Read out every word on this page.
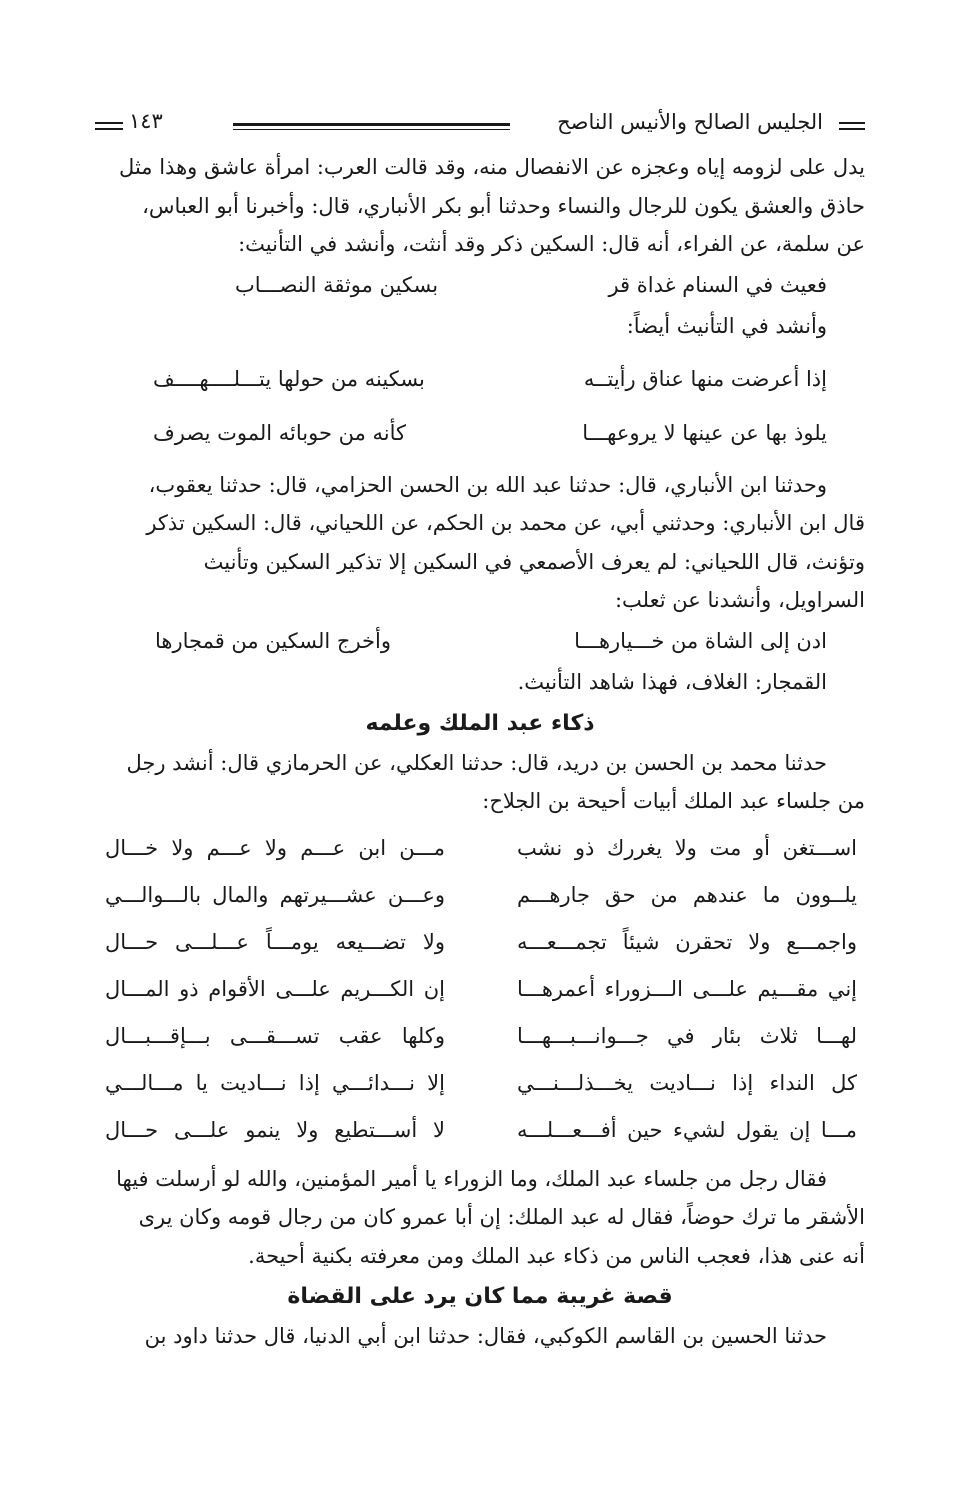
الجليس الصالح والأنيس الناصح
١٤٣

يدل على لزومه إياه وعجزه عن الانفصال منه، وقد قالت العرب: امرأة عاشق وهذا مثل

حاذق والعشق يكون للرجال والنساء وحدثنا أبو بكر الأنباري، قال: وأخبرنا أبو العباس،

عن سلمة، عن الفراء، أنه قال: السكين ذكر وقد أنثت، وأنشد في التأنيث:

فعيث في السنام غداة قر
بسكين موثقة النصـــاب

وأنشد في التأنيث أيضاً:

إذا أعرضت منها عناق رأيتــه
بسكينه من حولها يتـــلــــهــــف
يلوذ بها عن عينها لا يروعهـــا
كأنه من حوبائه الموت يصرف

وحدثنا ابن الأنباري، قال: حدثنا عبد الله بن الحسن الحزامي، قال: حدثنا يعقوب،

قال ابن الأنباري: وحدثني أبي، عن محمد بن الحكم، عن اللحياني، قال: السكين تذكر

وتؤنث، قال اللحياني: لم يعرف الأصمعي في السكين إلا تذكير السكين وتأنيث

السراويل، وأنشدنا عن ثعلب:

ادن إلى الشاة من خـــيارهـــا
وأخرج السكين من قمجارها

القمجار: الغلاف، فهذا شاهد التأنيث.

ذكاء عبد الملك وعلمه

حدثنا محمد بن الحسن بن دريد، قال: حدثنا العكلي، عن الحرمازي قال: أنشد رجل

من جلساء عبد الملك أبيات أحيحة بن الجلاح:

اســـتغن أو مت ولا يغررك ذو نشب
مـــن ابن عـــم ولا عـــم ولا خـــال
يلــوون ما عندهم من حق جارهـــم
وعـــن عشـــيرتهم والمال بالـــوالـــي
واجمـــع ولا تحقرن شيئاً تجمـــعـــه
ولا تضـــيعه يومـــاً عـــلـــى حـــال
إني مقـــيم علـــى الـــزوراء أعمرهـــا
إن الكـــريم علـــى الأقوام ذو المـــال
لهـــا ثلاث بئار في جـــوانـــبـــهـــا
وكلها عقب تســـقـــى بـــإقـــبـــال
كل النداء إذا نـــاديت يخـــذلـــنـــي
إلا نـــدائـــي إذا نـــاديت يا مـــالـــي
مـــا إن يقول لشيء حين أفـــعـــلـــه
لا أســـتطيع ولا ينمو علـــى حـــال

فقال رجل من جلساء عبد الملك، وما الزوراء يا أمير المؤمنين، والله لو أرسلت فيها

الأشقر ما ترك حوضاً، فقال له عبد الملك: إن أبا عمرو كان من رجال قومه وكان يرى

أنه عنى هذا، فعجب الناس من ذكاء عبد الملك ومن معرفته بكنية أحيحة.

قصة غريبة مما كان يرد على القضاة

حدثنا الحسين بن القاسم الكوكبي، فقال: حدثنا ابن أبي الدنيا، قال حدثنا داود بن
